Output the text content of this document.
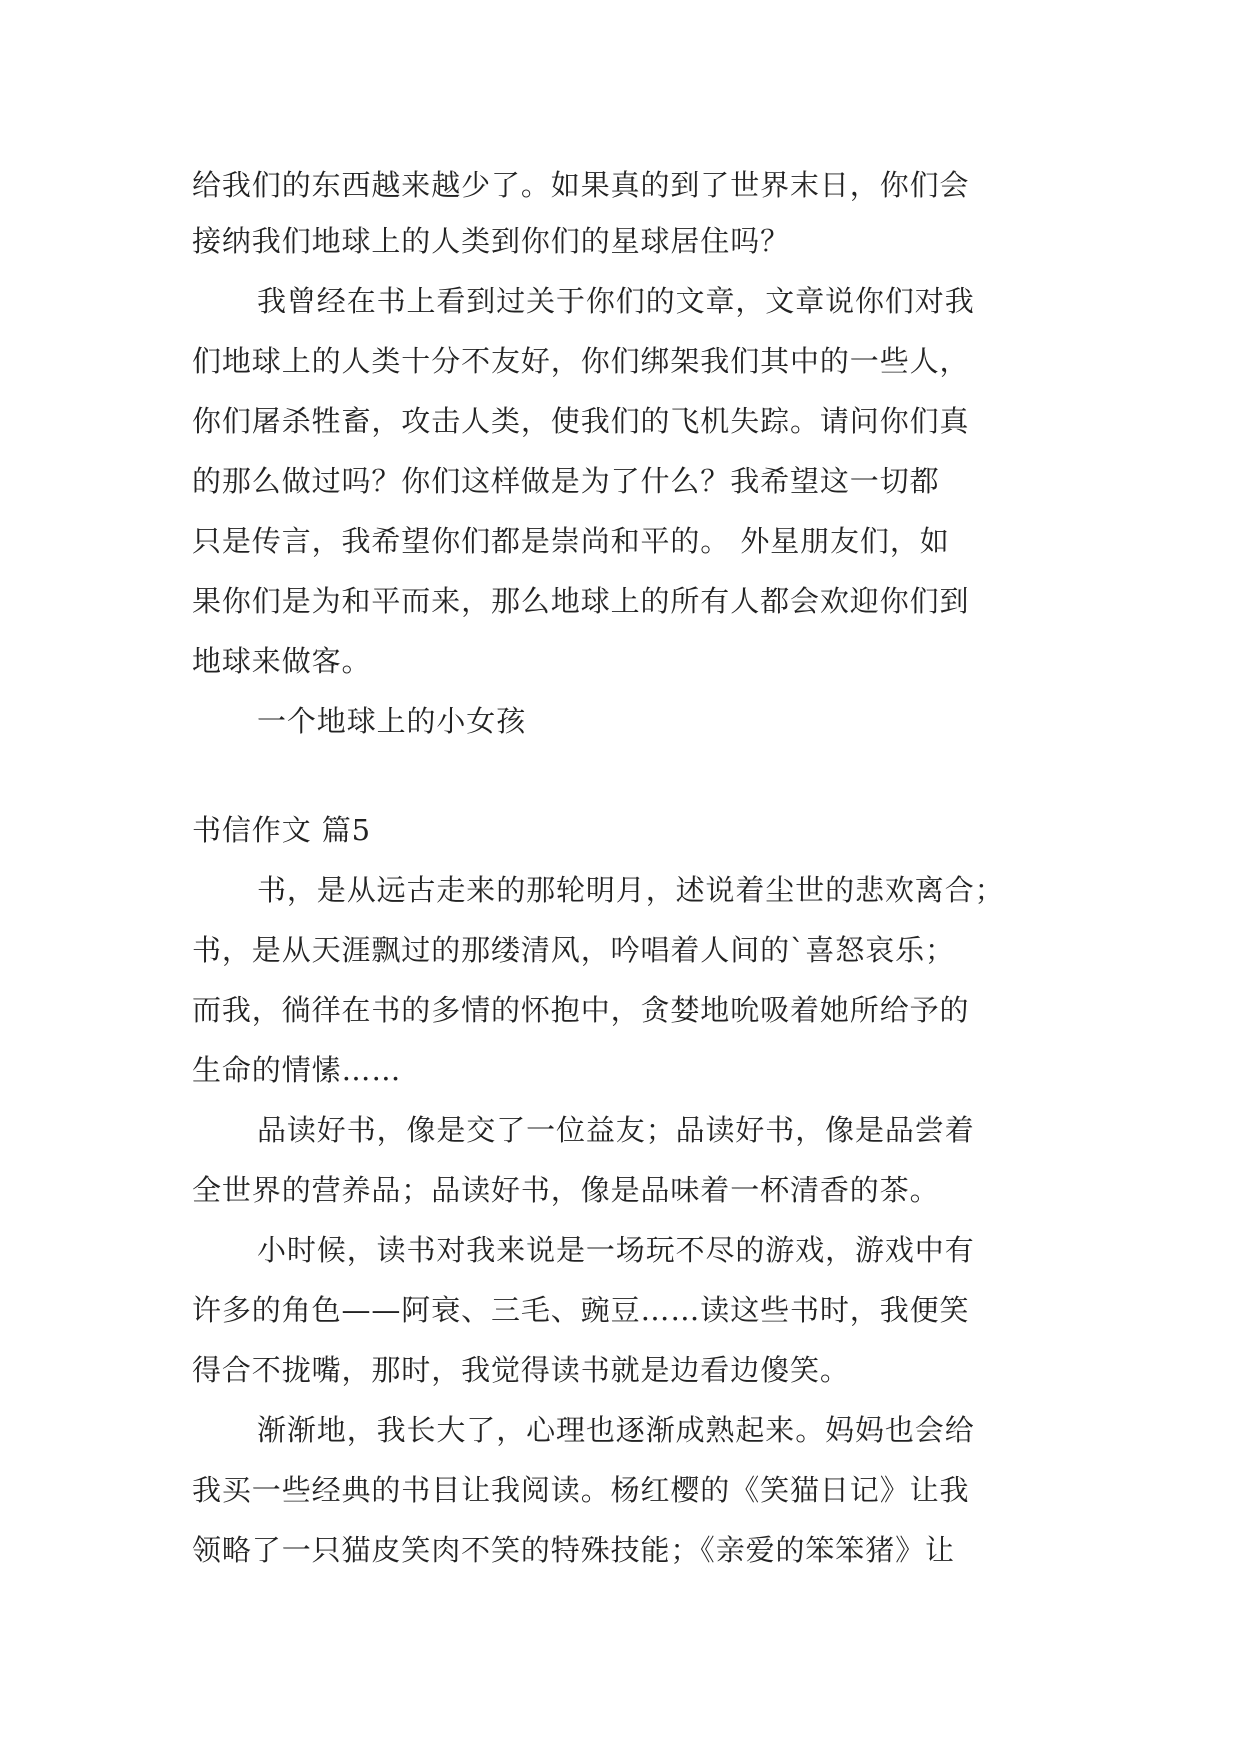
给我们的东西越来越少了。如果真的到了世界末日，你们会
接纳我们地球上的人类到你们的星球居住吗？
我曾经在书上看到过关于你们的文章，文章说你们对我
们地球上的人类十分不友好，你们绑架我们其中的一些人，
你们屠杀牲畜，攻击人类，使我们的飞机失踪。请问你们真
的那么做过吗？你们这样做是为了什么？我希望这一切都
只是传言，我希望你们都是崇尚和平的。 外星朋友们，如
果你们是为和平而来，那么地球上的所有人都会欢迎你们到
地球来做客。
一个地球上的小女孩
书信作文 篇5
书，是从远古走来的那轮明月，述说着尘世的悲欢离合；
书，是从天涯飘过的那缕清风，吟唱着人间的`喜怒哀乐；
而我，徜徉在书的多情的怀抱中，贪婪地吮吸着她所给予的
生命的情愫……
品读好书，像是交了一位益友；品读好书，像是品尝着
全世界的营养品；品读好书，像是品味着一杯清香的茶。
小时候，读书对我来说是一场玩不尽的游戏，游戏中有
许多的角色——阿衰、三毛、豌豆……读这些书时，我便笑
得合不拢嘴，那时，我觉得读书就是边看边傻笑。
渐渐地，我长大了，心理也逐渐成熟起来。妈妈也会给
我买一些经典的书目让我阅读。杨红樱的《笑猫日记》让我
领略了一只猫皮笑肉不笑的特殊技能；《亲爱的笨笨猪》让
